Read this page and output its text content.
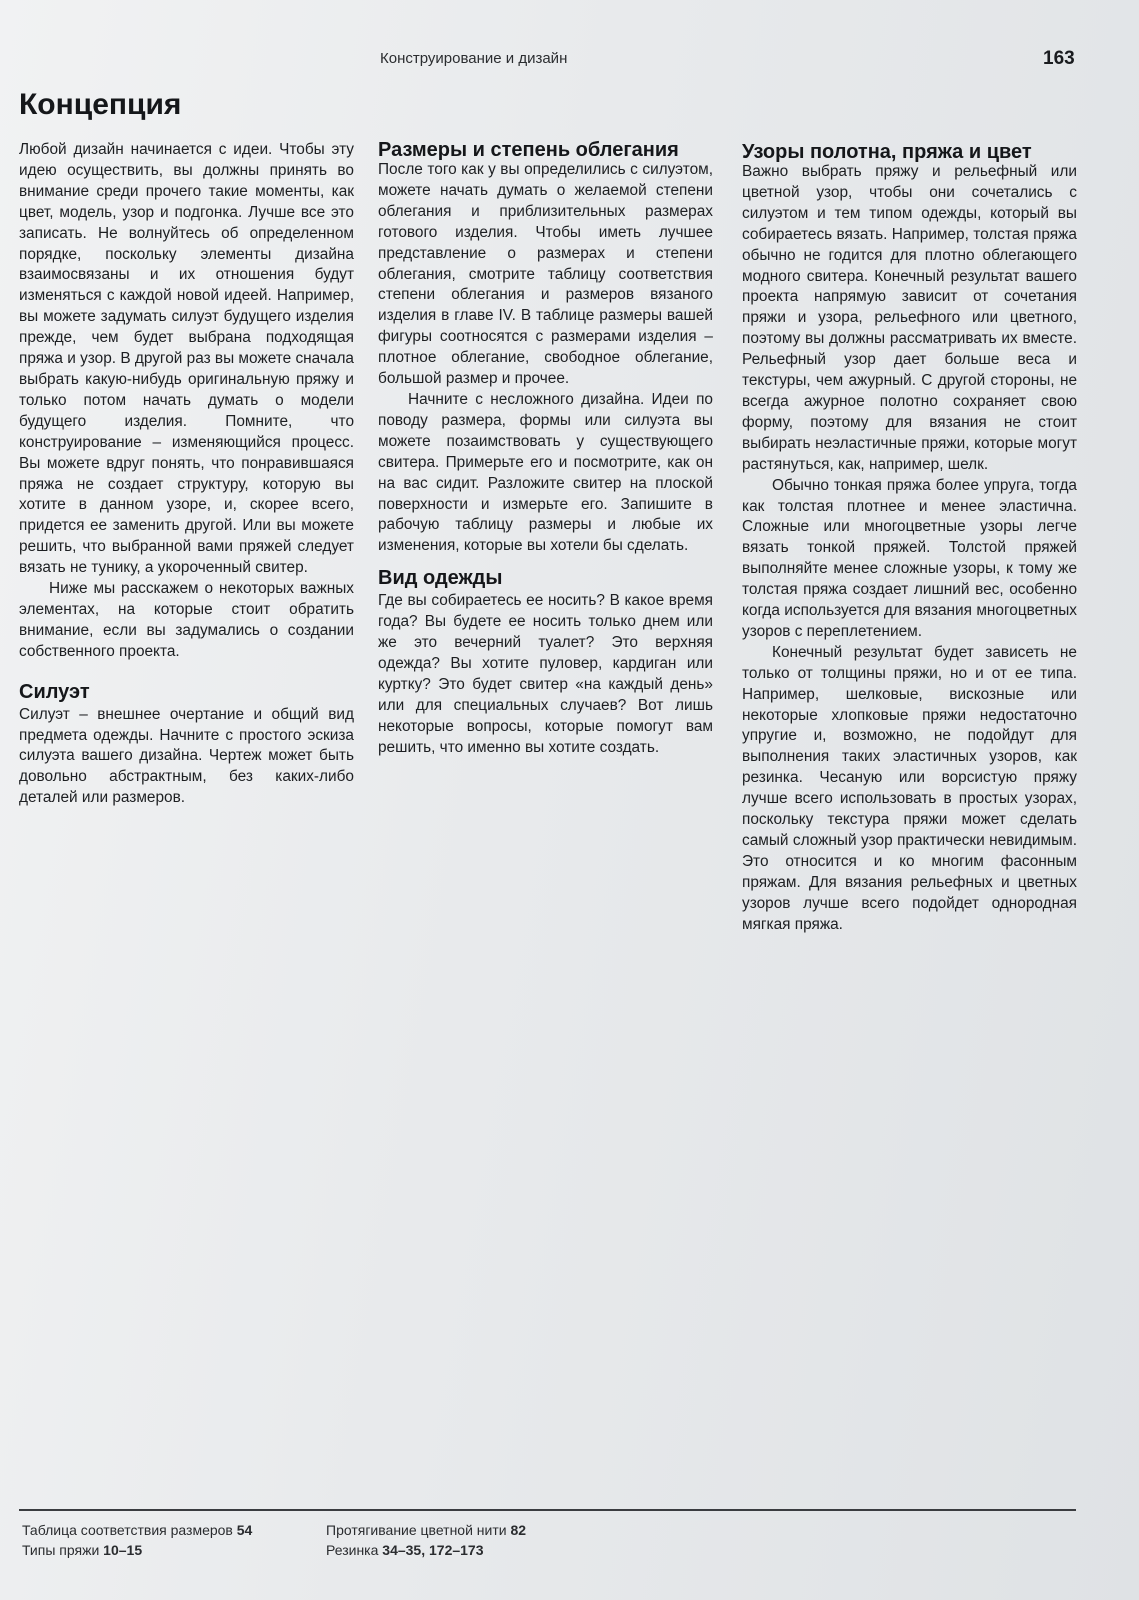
Конструирование и дизайн	163
Концепция

Любой дизайн начинается с идеи. Чтобы эту идею осуществить, вы должны принять во внимание среди прочего такие моменты, как цвет, модель, узор и подгонка. Лучше все это записать. Не волнуйтесь об определенном порядке, поскольку элементы дизайна взаимосвязаны и их отношения будут изменяться с каждой новой идеей. Например, вы можете задумать силуэт будущего изделия прежде, чем будет выбрана подходящая пряжа и узор. В другой раз вы можете сначала выбрать какую-нибудь оригинальную пряжу и только потом начать думать о модели будущего изделия. Помните, что конструирование – изменяющийся процесс. Вы можете вдруг понять, что понравившаяся пряжа не создает структуру, которую вы хотите в данном узоре, и, скорее всего, придется ее заменить другой. Или вы можете решить, что выбранной вами пряжей следует вязать не тунику, а укороченный свитер.

Ниже мы расскажем о некоторых важных элементах, на которые стоит обратить внимание, если вы задумались о создании собственного проекта.

Силуэт

Силуэт – внешнее очертание и общий вид предмета одежды. Начните с простого эскиза силуэта вашего дизайна. Чертеж может быть довольно абстрактным, без каких-либо деталей или размеров.

Размеры и степень облегания

После того как у вы определились с силуэтом, можете начать думать о желаемой степени облегания и приблизительных размерах готового изделия. Чтобы иметь лучшее представление о размерах и степени облегания, смотрите таблицу соответствия степени облегания и размеров вязаного изделия в главе IV. В таблице размеры вашей фигуры соотносятся с размерами изделия – плотное облегание, свободное облегание, большой размер и прочее.

Начните с несложного дизайна. Идеи по поводу размера, формы или силуэта вы можете позаимствовать у существующего свитера. Примерьте его и посмотрите, как он на вас сидит. Разложите свитер на плоской поверхности и измерьте его. Запишите в рабочую таблицу размеры и любые их изменения, которые вы хотели бы сделать.

Вид одежды

Где вы собираетесь ее носить? В какое время года? Вы будете ее носить только днем или же это вечерний туалет? Это верхняя одежда? Вы хотите пуловер, кардиган или куртку? Это будет свитер «на каждый день» или для специальных случаев? Вот лишь некоторые вопросы, которые помогут вам решить, что именно вы хотите создать.

Узоры полотна, пряжа и цвет

Важно выбрать пряжу и рельефный или цветной узор, чтобы они сочетались с силуэтом и тем типом одежды, который вы собираетесь вязать. Например, толстая пряжа обычно не годится для плотно облегающего модного свитера. Конечный результат вашего проекта напрямую зависит от сочетания пряжи и узора, рельефного или цветного, поэтому вы должны рассматривать их вместе. Рельефный узор дает больше веса и текстуры, чем ажурный. С другой стороны, не всегда ажурное полотно сохраняет свою форму, поэтому для вязания не стоит выбирать неэластичные пряжи, которые могут растянуться, как, например, шелк.

Обычно тонкая пряжа более упруга, тогда как толстая плотнее и менее эластична. Сложные или многоцветные узоры легче вязать тонкой пряжей. Толстой пряжей выполняйте менее сложные узоры, к тому же толстая пряжа создает лишний вес, особенно когда используется для вязания многоцветных узоров с переплетением.

Конечный результат будет зависеть не только от толщины пряжи, но и от ее типа. Например, шелковые, вискозные или некоторые хлопковые пряжи недостаточно упругие и, возможно, не подойдут для выполнения таких эластичных узоров, как резинка. Чесаную или ворсистую пряжу лучше всего использовать в простых узорах, поскольку текстура пряжи может сделать самый сложный узор практически невидимым. Это относится и ко многим фасонным пряжам. Для вязания рельефных и цветных узоров лучше всего подойдет однородная мягкая пряжа.

Таблица соответствия размеров 54
Типы пряжи 10–15
Протягивание цветной нити 82
Резинка 34–35, 172–173
